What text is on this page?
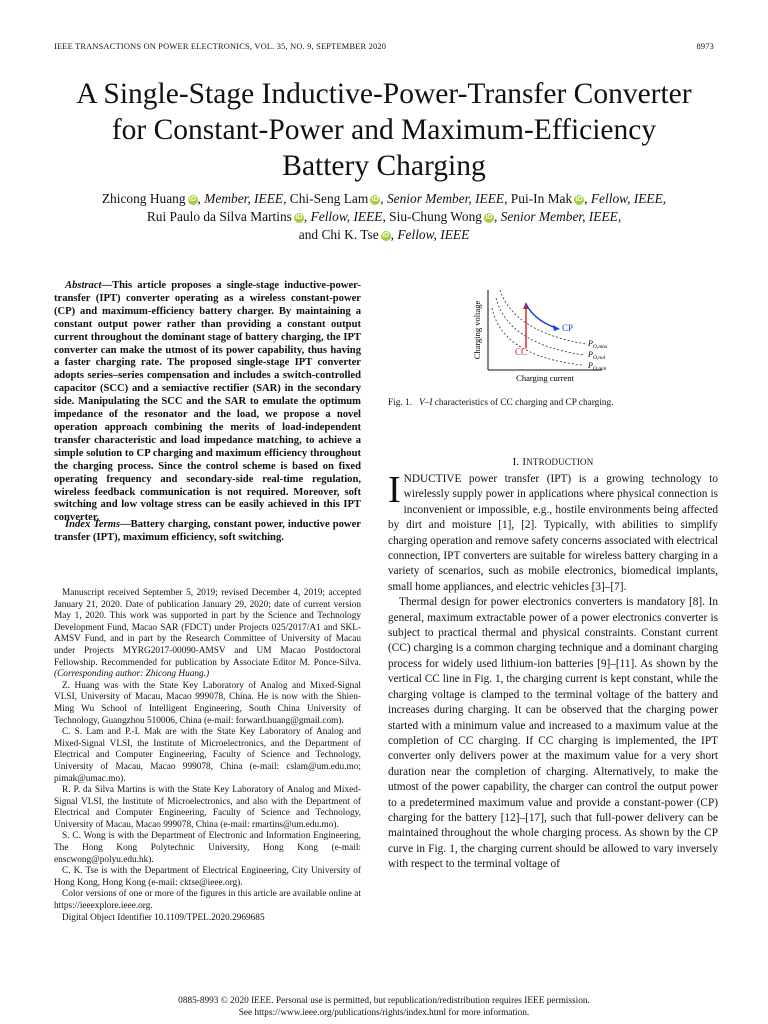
IEEE TRANSACTIONS ON POWER ELECTRONICS, VOL. 35, NO. 9, SEPTEMBER 2020	8973
A Single-Stage Inductive-Power-Transfer Converter
for Constant-Power and Maximum-Efficiency
Battery Charging
Zhicong Huang iD , Member, IEEE, Chi-Seng Lam iD , Senior Member, IEEE, Pui-In Mak iD , Fellow, IEEE,
Rui Paulo da Silva Martins iD , Fellow, IEEE, Siu-Chung Wong iD , Senior Member, IEEE,
and Chi K. Tse iD , Fellow, IEEE
Abstract—This article proposes a single-stage inductive-power-transfer (IPT) converter operating as a wireless constant-power (CP) and maximum-efficiency battery charger. By maintaining a constant output power rather than providing a constant output current throughout the dominant stage of battery charging, the IPT converter can make the utmost of its power capability, thus having a faster charging rate. The proposed single-stage IPT converter adopts series–series compensation and includes a switch-controlled capacitor (SCC) and a semiactive rectifier (SAR) in the secondary side. Manipulating the SCC and the SAR to emulate the optimum impedance of the resonator and the load, we propose a novel operation approach combining the merits of load-independent transfer characteristic and load impedance matching, to achieve a simple solution to CP charging and maximum efficiency throughout the charging process. Since the control scheme is based on fixed operating frequency and secondary-side real-time regulation, wireless feedback communication is not required. Moreover, soft switching and low voltage stress can be easily achieved in this IPT converter.
Index Terms—Battery charging, constant power, inductive power transfer (IPT), maximum efficiency, soft switching.

Manuscript received September 5, 2019; revised December 4, 2019; accepted January 21, 2020. Date of publication January 29, 2020; date of current version May 1, 2020. This work was supported in part by the Science and Technology Development Fund, Macao SAR (FDCT) under Projects 025/2017/A1 and SKL-AMSV Fund, and in part by the Research Committee of University of Macau under Projects MYRG2017-00090-AMSV and UM Macao Postdoctoral Fellowship. Recommended for publication by Associate Editor M. Ponce-Silva. (Corresponding author: Zhicong Huang.)

Z. Huang was with the State Key Laboratory of Analog and Mixed-Signal VLSI, University of Macau, Macao 999078, China. He is now with the Shien-Ming Wu School of Intelligent Engineering, South China University of Technology, Guangzhou 510006, China (e-mail: forward.huang@gmail.com).

C. S. Lam and P.-I. Mak are with the State Key Laboratory of Analog and Mixed-Signal VLSI, the Institute of Microelectronics, and the Department of Electrical and Computer Engineering, Faculty of Science and Technology, University of Macau, Macao 999078, China (e-mail: cslam@um.edu.mo; pimak@umac.mo).

R. P. da Silva Martins is with the State Key Laboratory of Analog and Mixed-Signal VLSI, the Institute of Microelectronics, and also with the Department of Electrical and Computer Engineering, Faculty of Science and Technology, University of Macau, Macao 999078, China (e-mail: rmartins@um.edu.mo).

S. C. Wong is with the Department of Electronic and Information Engineering, The Hong Kong Polytechnic University, Hong Kong (e-mail: enscwong@polyu.edu.hk).

C. K. Tse is with the Department of Electrical Engineering, City University of Hong Kong, Hong Kong (e-mail: cktse@ieee.org).

Color versions of one or more of the figures in this article are available online at https://ieeexplore.ieee.org.

Digital Object Identifier 10.1109/TPEL.2020.2969685

Charging voltage
Charging current
CP
CC
$P_{O,max}$
$P_{O,nol}$
$P_{O,min}$
Fig. 1. V–I characteristics of CC charging and CP charging.
I. INTRODUCTION

INDUCTIVE power transfer (IPT) is a growing technology to wirelessly supply power in applications where physical connection is inconvenient or impossible, e.g., hostile environments being affected by dirt and moisture [1], [2]. Typically, with abilities to simplify charging operation and remove safety concerns associated with electrical connection, IPT converters are suitable for wireless battery charging in a variety of scenarios, such as mobile electronics, biomedical implants, small home appliances, and electric vehicles [3]–[7].

Thermal design for power electronics converters is mandatory [8]. In general, maximum extractable power of a power electronics converter is subject to practical thermal and physical constraints. Constant current (CC) charging is a common charging technique and a dominant charging process for widely used lithium-ion batteries [9]–[11]. As shown by the vertical CC line in Fig. 1, the charging current is kept constant, while the charging voltage is clamped to the terminal voltage of the battery and increases during charging. It can be observed that the charging power started with a minimum value and increased to a maximum value at the completion of CC charging. If CC charging is implemented, the IPT converter only delivers power at the maximum value for a very short duration near the completion of charging. Alternatively, to make the utmost of the power capability, the charger can control the output power to a predetermined maximum value and provide a constant-power (CP) charging for the battery [12]–[17], such that full-power delivery can be maintained throughout the whole charging process. As shown by the CP curve in Fig. 1, the charging current should be allowed to vary inversely with respect to the terminal voltage of

0885-8993 © 2020 IEEE. Personal use is permitted, but republication/redistribution requires IEEE permission.
See https://www.ieee.org/publications/rights/index.html for more information.
